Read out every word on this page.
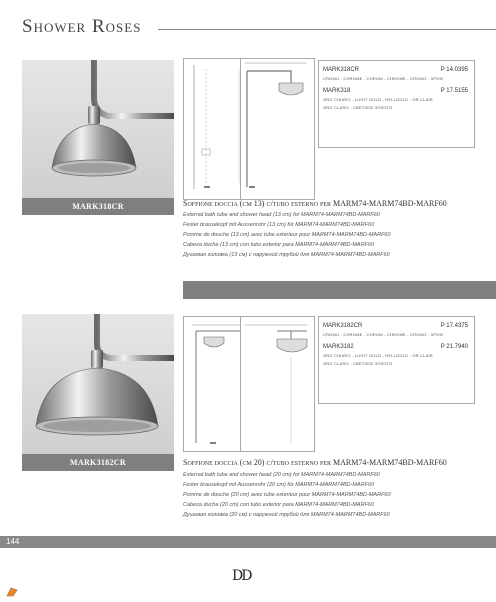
Shower Roses
MARK318CR
MARK318CR	P 14.0395
CROMO - CHROME - CHROM - CHROME - CROMO - ХРОМ
MARK318	P 17.5155
ORO CHIARO - LIGHT GOLD - HELLGOLD - OR CLAIR
ORO CLARO - СВЕТЛОЕ ЗОЛОТО
Soffione doccia (cm 13) c/tubo esterno per MARM74-MARM74BD-MARF60
External bath tube and shower head (13 cm) for MARM74-MARM74BD-MARF60
Fester brausekopf mit Aussenrohr (13 cm) für MARM74-MARM74BD-MARF60
Pomme de douche (13 cm) avec tube exterieur pour MARM74-MARM74BD-MARF60
Cabeza ducha (13 cm) con tubo exterior para MARM74-MARM74BD-MARF60
Душевая головка (13 см) с наружной трубой для MARM74-MARM74BD-MARF60
MARK3182CR
MARK3182CR	P 17.4375
CROMO - CHROME - CHROM - CHROME - CROMO - ХРОМ
MARK3182	P 21.7940
ORO CHIARO - LIGHT GOLD - HELLGOLD - OR CLAIR
ORO CLARO - СВЕТЛОЕ ЗОЛОТО
Soffione doccia (cm 20) c/tubo esterno per MARM74-MARM74BD-MARF60
External bath tube and shower head (20 cm) for MARM74-MARM74BD-MARF60
Fester brausekopf mit Aussenrohr (20 cm) für MARM74-MARM74BD-MARF60
Pomme de douche (20 cm) avec tube exterieur pour MARM74-MARM74BD-MARF60
Cabeza ducha (20 cm) con tubo exterior para MARM74-MARM74BD-MARF60
Душевая головка (20 см) с наружной трубой для MARM74-MARM74BD-MARF60
144
DD
